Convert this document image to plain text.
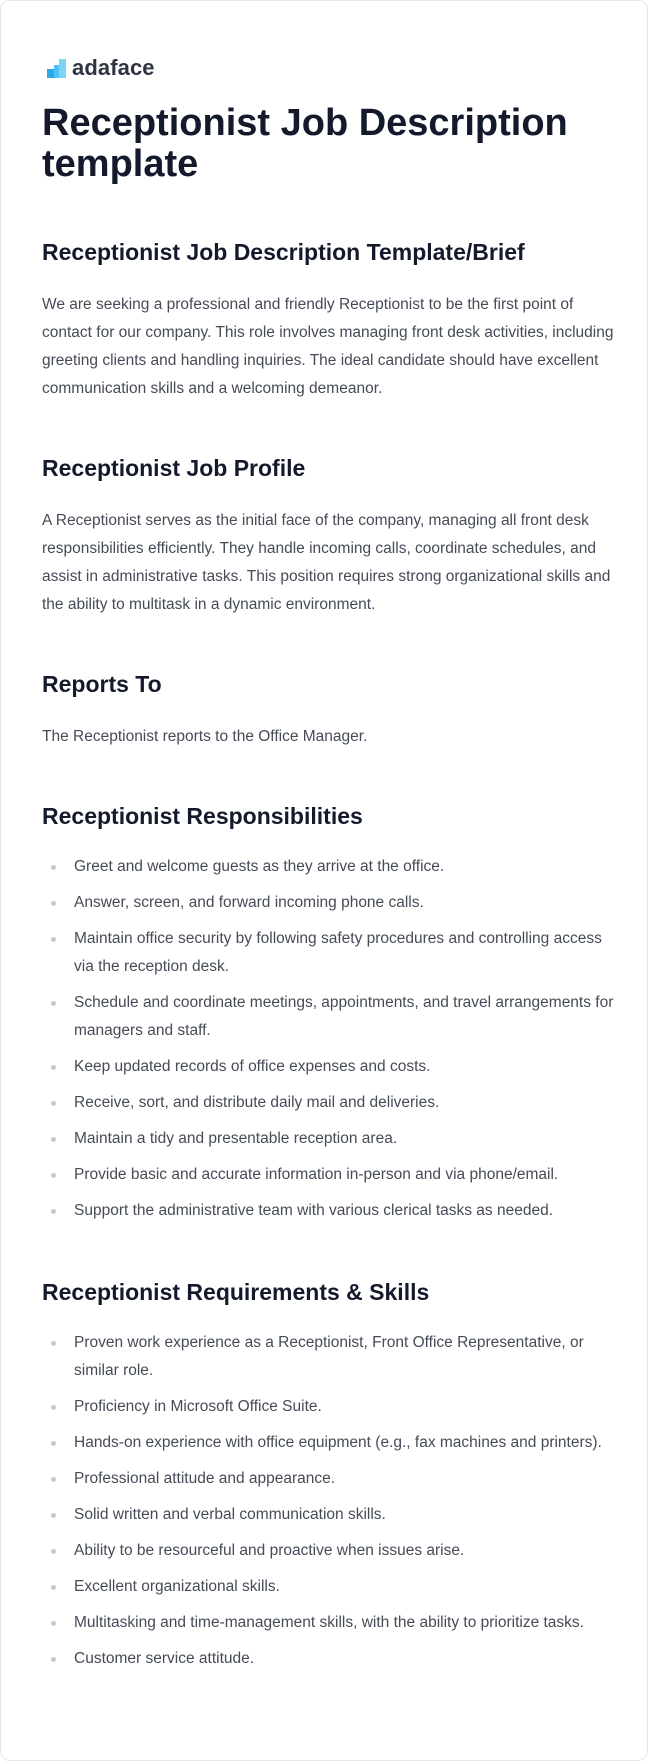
adaface
Receptionist Job Description template
Receptionist Job Description Template/Brief

We are seeking a professional and friendly Receptionist to be the first point of contact for our company. This role involves managing front desk activities, including greeting clients and handling inquiries. The ideal candidate should have excellent communication skills and a welcoming demeanor.

Receptionist Job Profile

A Receptionist serves as the initial face of the company, managing all front desk responsibilities efficiently. They handle incoming calls, coordinate schedules, and assist in administrative tasks. This position requires strong organizational skills and the ability to multitask in a dynamic environment.

Reports To

The Receptionist reports to the Office Manager.

Receptionist Responsibilities
Greet and welcome guests as they arrive at the office.
Answer, screen, and forward incoming phone calls.
Maintain office security by following safety procedures and controlling access via the reception desk.
Schedule and coordinate meetings, appointments, and travel arrangements for managers and staff.
Keep updated records of office expenses and costs.
Receive, sort, and distribute daily mail and deliveries.
Maintain a tidy and presentable reception area.
Provide basic and accurate information in-person and via phone/email.
Support the administrative team with various clerical tasks as needed.
Receptionist Requirements & Skills
Proven work experience as a Receptionist, Front Office Representative, or similar role.
Proficiency in Microsoft Office Suite.
Hands-on experience with office equipment (e.g., fax machines and printers).
Professional attitude and appearance.
Solid written and verbal communication skills.
Ability to be resourceful and proactive when issues arise.
Excellent organizational skills.
Multitasking and time-management skills, with the ability to prioritize tasks.
Customer service attitude.
